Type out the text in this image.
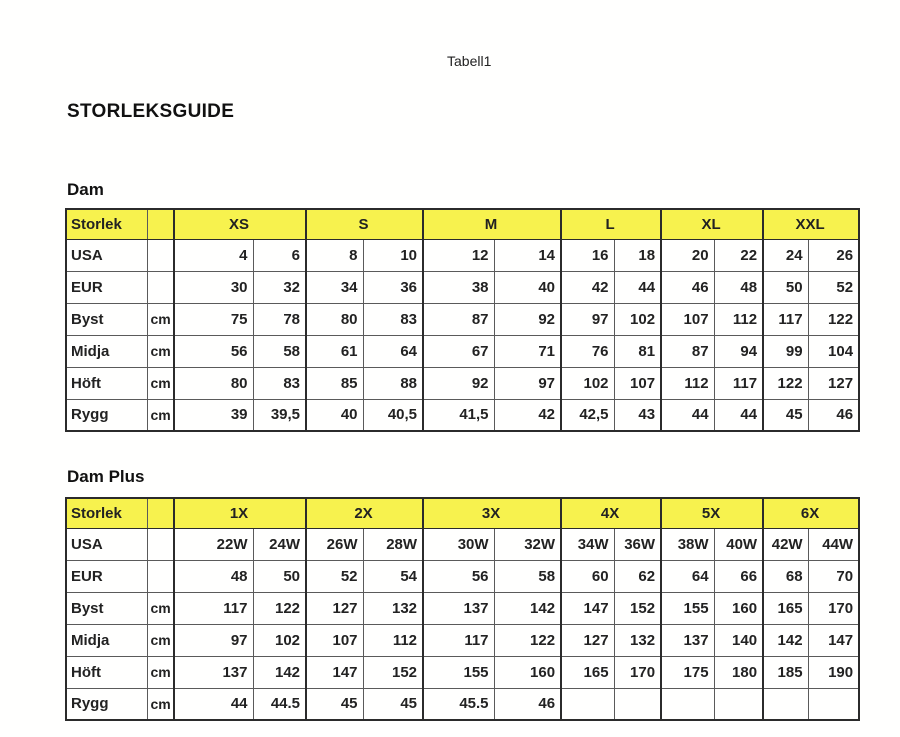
Tabell1
STORLEKSGUIDE
Dam
Storlek		XS		S		M		L		XL		XXL	
USA		4	6	8	10	12	14	16	18	20	22	24	26
EUR		30	32	34	36	38	40	42	44	46	48	50	52
Byst	cm	75	78	80	83	87	92	97	102	107	112	117	122
Midja	cm	56	58	61	64	67	71	76	81	87	94	99	104
Höft	cm	80	83	85	88	92	97	102	107	112	117	122	127
Rygg	cm	39	39,5	40	40,5	41,5	42	42,5	43	44	44	45	46
Dam Plus
Storlek		1X		2X		3X		4X		5X		6X	
USA		22W	24W	26W	28W	30W	32W	34W	36W	38W	40W	42W	44W
EUR		48	50	52	54	56	58	60	62	64	66	68	70
Byst	cm	117	122	127	132	137	142	147	152	155	160	165	170
Midja	cm	97	102	107	112	117	122	127	132	137	140	142	147
Höft	cm	137	142	147	152	155	160	165	170	175	180	185	190
Rygg	cm	44	44.5	45	45	45.5	46						
